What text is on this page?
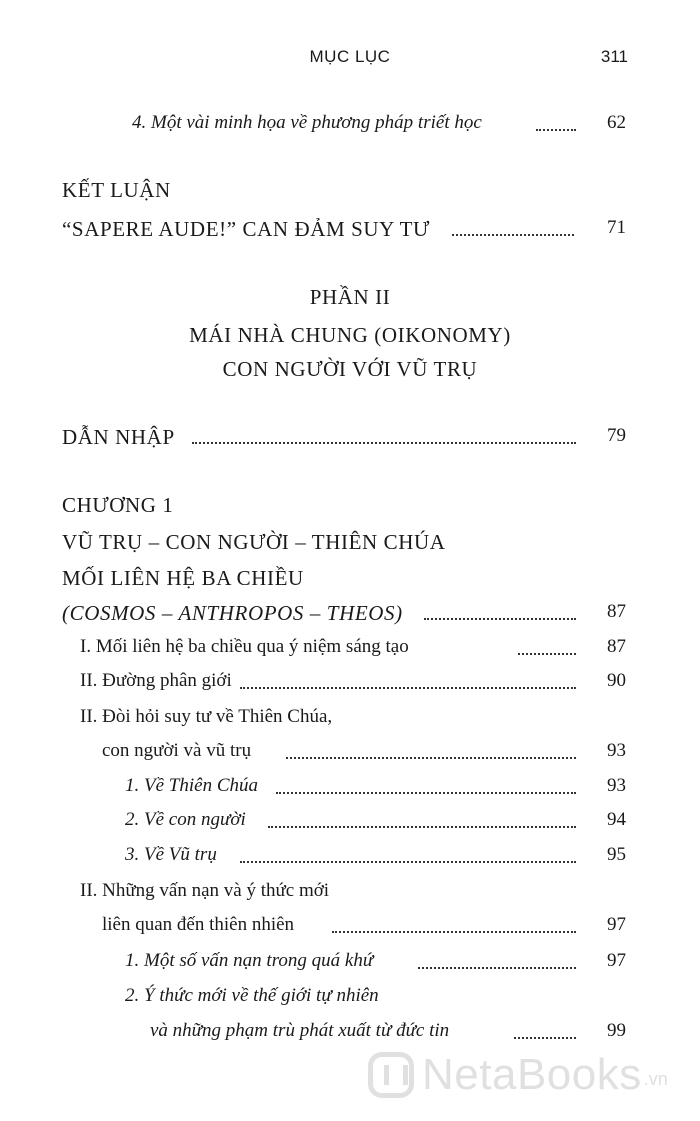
MỤC LỤC	311
4. Một vài minh họa về phương pháp triết học	62
KẾT LUẬN
“SAPERE AUDE!” CAN ĐẢM SUY TƯ	71
PHẦN II
MÁI NHÀ CHUNG (OIKONOMY)
CON NGƯỜI VỚI VŨ TRỤ
DẪN NHẬP	79
CHƯƠNG 1
VŨ TRỤ – CON NGƯỜI – THIÊN CHÚA
MỐI LIÊN HỆ BA CHIỀU
(COSMOS – ANTHROPOS – THEOS)	87
I. Mối liên hệ ba chiều qua ý niệm sáng tạo	87
II. Đường phân giới	90
II. Đòi hỏi suy tư về Thiên Chúa,
con người và vũ trụ	93
1. Về Thiên Chúa	93
2. Về con người	94
3. Về Vũ trụ	95
II. Những vấn nạn và ý thức mới
liên quan đến thiên nhiên	97
1. Một số vấn nạn trong quá khứ	97
2. Ý thức mới về thế giới tự nhiên
và những phạm trù phát xuất từ đức tin	99
NetaBooks .vn
